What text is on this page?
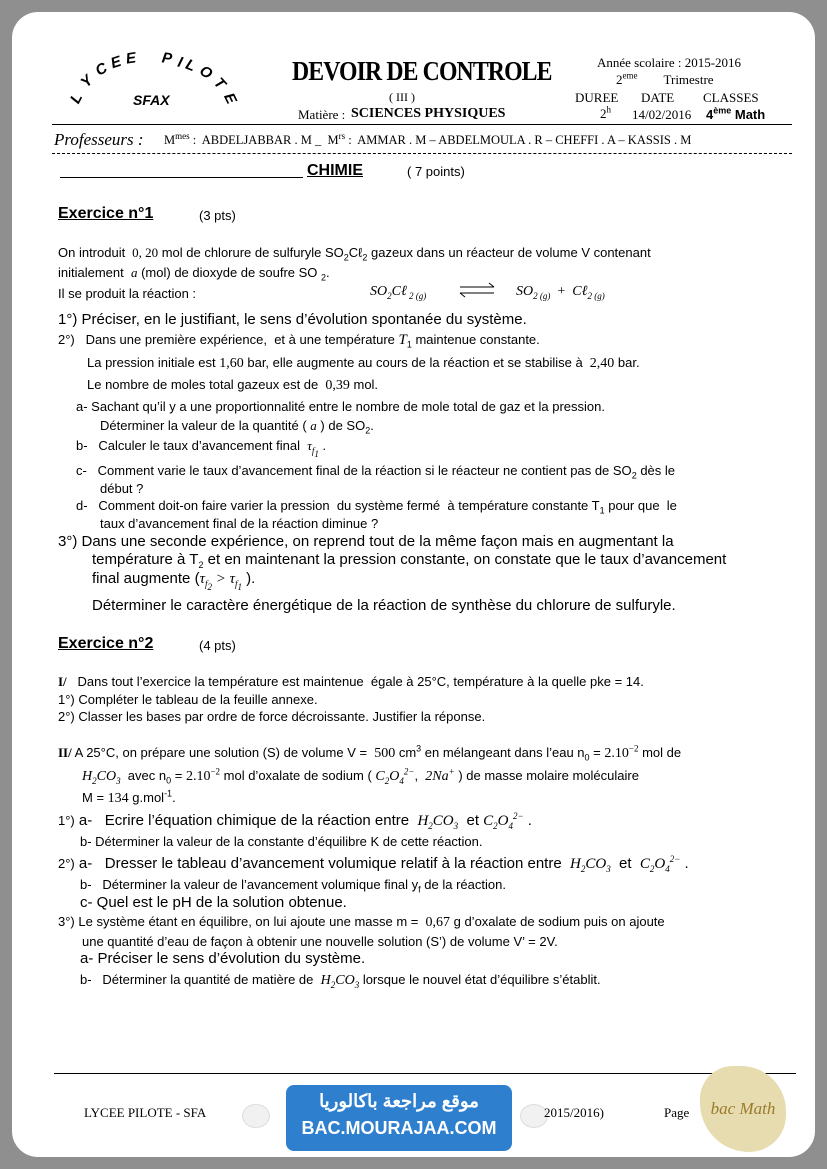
L
Y
C
E E P I
L
O
T
E
SFAX
DEVOIR DE CONTROLE
( III )
Matière : SCIENCES PHYSIQUES
Année scolaire : 2015-2016
2eme        Trimestre
DUREE DATE CLASSES
2$^h$ 14/02/2016 4ème Math
Professeurs : $M^{mes}$ :  ABDELJABBAR . M _  $M^{rs}$ :  AMMAR . M – ABDELMOULA . R – CHEFFI . A – KASSIS . M
CHIMIE	( 7 points)
Exercice n°1	(3 pts)
On introduit  0, 20 mol de chlorure de sulfuryle $SO_2C\ell_2$ gazeux dans un réacteur de volume V contenant
initialement  a (mol) de dioxyde de soufre SO $_2$.
Il se produit la réaction :	$SO_2C\ell$ $_{2 (g)}$ ⇌ $SO_{2 (g)}$ +  Cℓ$_{2 (g)}$
1°) Préciser, en le justifiant, le sens d’évolution spontanée du système.
2°)   Dans une première expérience,  et à une température $T_1$ maintenue constante.
La pression initiale est 1,60 bar, elle augmente au cours de la réaction et se stabilise à  2,40 bar.
Le nombre de moles total gazeux est de  0,39 mol.
a- Sachant qu’il y a une proportionnalité entre le nombre de mole total de gaz et la pression.
Déterminer la valeur de la quantité ( a ) de $SO_2$.
b-   Calculer le taux d’avancement final  $\tau_{f_1}$ .
c-   Comment varie le taux d’avancement final de la réaction si le réacteur ne contient pas de $SO_2$ dès le
début ?
d-   Comment doit-on faire varier la pression  du système fermé  à température constante $T_1$ pour que  le
taux d’avancement final de la réaction diminue ?
3°) Dans une seconde expérience, on reprend tout de la même façon mais en augmentant la
température à $T_2$ et en maintenant la pression constante, on constate que le taux d’avancement
final augmente ($\tau_{f_2} > \tau_{f_1}$ ).
Déterminer le caractère énergétique de la réaction de synthèse du chlorure de sulfuryle.
Exercice n°2	(4 pts)
I/   Dans tout l’exercice la température est maintenue  égale à 25°C, température à la quelle pke = 14.
1°) Compléter le tableau de la feuille annexe.
2°) Classer les bases par ordre de force décroissante. Justifier la réponse.
II/ A 25°C, on prépare une solution (S) de volume V =  500 $cm^3$ en mélangeant dans l’eau $n_0 = 2.10^{-2}$ mol de
$H_2CO_3$  avec $n_0 = 2.10^{-2}$ mol d’oxalate de sodium ( $C_2O_4^{2-}$,  2Na+ ) de masse molaire moléculaire
M = 134 g.mol$^{-1}$.
1°) a-   Ecrire l’équation chimique de la réaction entre  $H_2CO_3$  et $C_2O_4^{2-}$ .
b- Déterminer la valeur de la constante d’équilibre K de cette réaction.
2°) a-   Dresser le tableau d’avancement volumique relatif à la réaction entre  $H_2CO_3$  et  $C_2O_4^{2-}$ .
b-   Déterminer la valeur de l’avancement volumique final $y_f$ de la réaction.
c- Quel est le pH de la solution obtenue.
3°) Le système étant en équilibre, on lui ajoute une masse m =  0,67 g d’oxalate de sodium puis on ajoute
une quantité d’eau de façon à obtenir une nouvelle solution (S’) de volume V’ = 2V.
a- Préciser le sens d’évolution du système.
b-   Déterminer la quantité de matière de  $H_2CO_3$ lorsque le nouvel état d’équilibre s’établit.
LYCEE PILOTE - SFA	2015/2016)	Page
موقع مراجعة باكالوريا
BAC.MOURAJAA.COM
bac Math
